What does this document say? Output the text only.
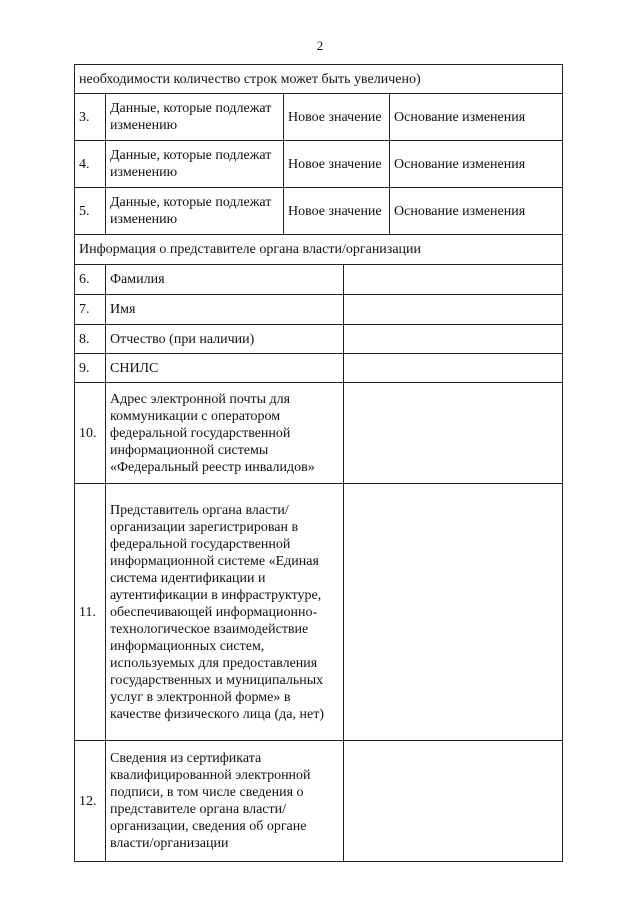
2
необходимости количество строк может быть увеличено)				
3.	Данные, которые подлежат изменению	Новое значение		Основание изменения
4.	Данные, которые подлежат изменению	Новое значение		Основание изменения
5.	Данные, которые подлежат изменению	Новое значение		Основание изменения
Информация о представителе органа власти/организации				
6.	Фамилия			
7.	Имя			
8.	Отчество (при наличии)			
9.	СНИЛС			
10.	Адрес электронной почты для коммуникации с оператором федеральной государственной информационной системы «Федеральный реестр инвалидов»			
11.	Представитель органа власти/организации зарегистрирован в федеральной государственной информационной системе «Единая система идентификации и аутентификации в инфраструктуре, обеспечивающей информационно-технологическое взаимодействие информационных систем, используемых для предоставления государственных и муниципальных услуг в электронной форме» в качестве физического лица (да, нет)			
12.	Сведения из сертификата квалифицированной электронной подписи, в том числе сведения о представителе органа власти/организации, сведения об органе власти/организации			
